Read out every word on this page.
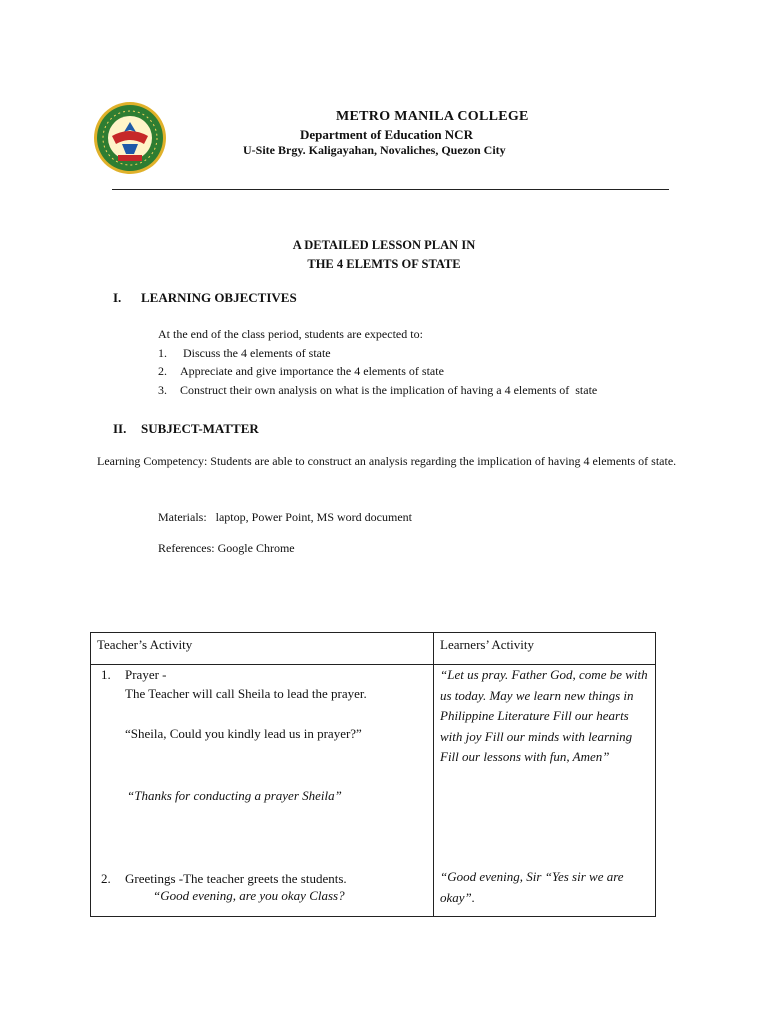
METRO MANILA COLLEGE
Department of Education NCR
U-Site Brgy. Kaligayahan, Novaliches, Quezon City
A DETAILED LESSON PLAN IN
THE 4 ELEMTS OF STATE
I. LEARNING OBJECTIVES
At the end of the class period, students are expected to:
1. Discuss the 4 elements of state
2. Appreciate and give importance the 4 elements of state
3. Construct their own analysis on what is the implication of having a 4 elements of  state
II. SUBJECT-MATTER
Learning Competency: Students are able to construct an analysis regarding the implication of having 4 elements of state.
Materials:   laptop, Power Point, MS word document
References: Google Chrome
Teacher’s Activity	Learners’ Activity
1. Prayer -
The Teacher will call Sheila to lead the prayer.
“Sheila, Could you kindly lead us in prayer?”
“Thanks for conducting a prayer Sheila”
2. Greetings -The teacher greets the students.
“Good evening, are you okay Class?
“Let us pray. Father God, come be with us today. May we learn new things in Philippine Literature Fill our hearts with joy Fill our minds with learning Fill our lessons with fun, Amen”
“Good evening, Sir “Yes sir we are okay”.
